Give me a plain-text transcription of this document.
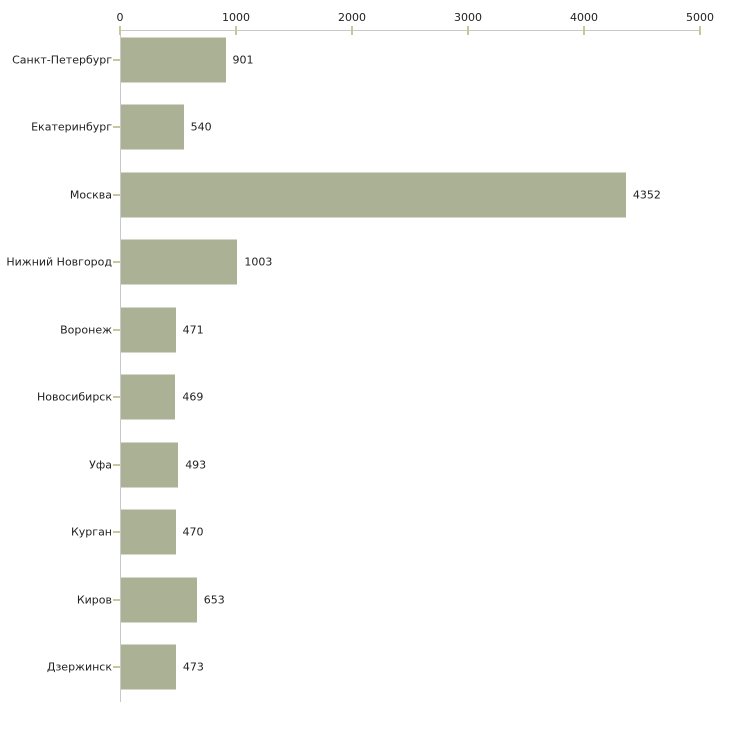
0	1000	2000	3000	4000	5000
Санкт-Петербург	901
Екатеринбург	540
Москва	4352
Нижний Новгород	1003
Воронеж	471
Новосибирск	469
Уфа	493
Курган	470
Киров	653
Дзержинск	473
